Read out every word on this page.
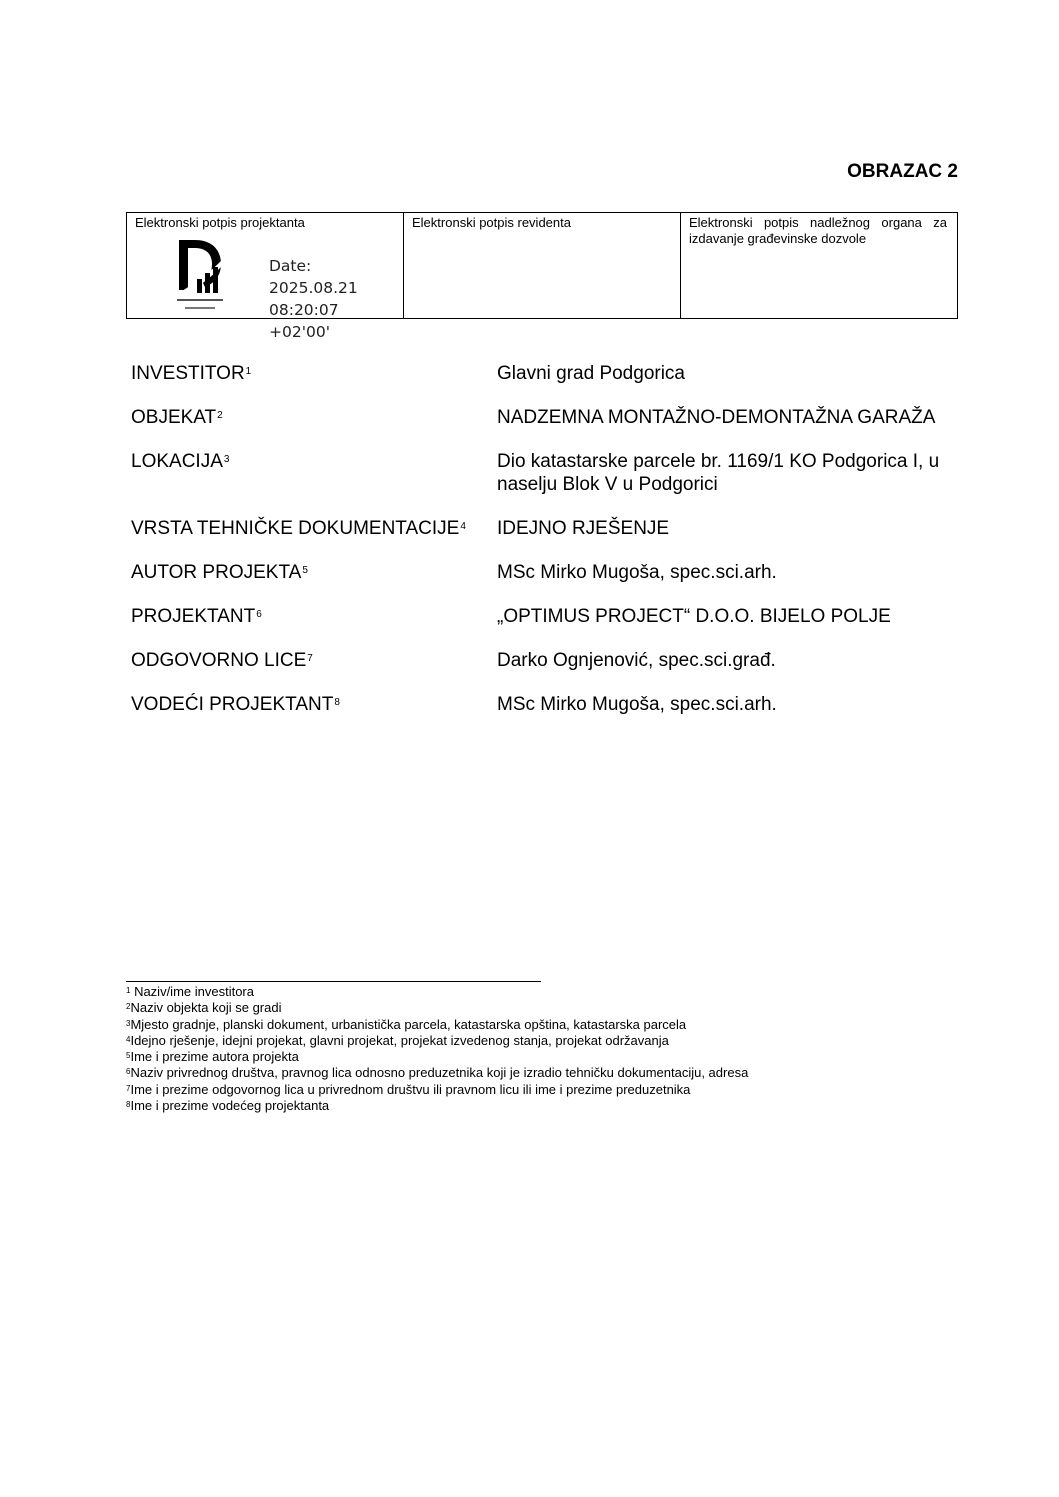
OBRAZAC 2
Elektronski potpis projektanta
Date: 2025.08.21
08:20:07 +02'00'
	Elektronski potpis revidenta	Elektronski potpis nadležnog organa za izdavanje građevinske dozvole
INVESTITOR$^1$	Glavni grad Podgorica
OBJEKAT$^2$	NADZEMNA MONTAŽNO-DEMONTAŽNA GARAŽA
LOKACIJA$^3$	Dio katastarske parcele br. 1169/1 KO Podgorica I, u naselju Blok V u Podgorici
VRSTA TEHNIČKE DOKUMENTACIJE$^4$	IDEJNO RJEŠENJE
AUTOR PROJEKTA$^5$	MSc Mirko Mugoša, spec.sci.arh.
PROJEKTANT$^6$	„OPTIMUS PROJECT“ D.O.O. BIJELO POLJE
ODGOVORNO LICE$^7$	Darko Ognjenović, spec.sci.građ.
VODEĆI PROJEKTANT$^8$	MSc Mirko Mugoša, spec.sci.arh.
$^1$ Naziv/ime investitora
$^2$Naziv objekta koji se gradi
$^3$Mjesto gradnje, planski dokument, urbanistička parcela, katastarska opština, katastarska parcela
$^4$Idejno rješenje, idejni projekat, glavni projekat, projekat izvedenog stanja, projekat održavanja
$^5$Ime i prezime autora projekta
$^6$Naziv privrednog društva, pravnog lica odnosno preduzetnika koji je izradio tehničku dokumentaciju, adresa
$^7$Ime i prezime odgovornog lica u privrednom društvu ili pravnom licu ili ime i prezime preduzetnika
$^8$Ime i prezime vodećeg projektanta
